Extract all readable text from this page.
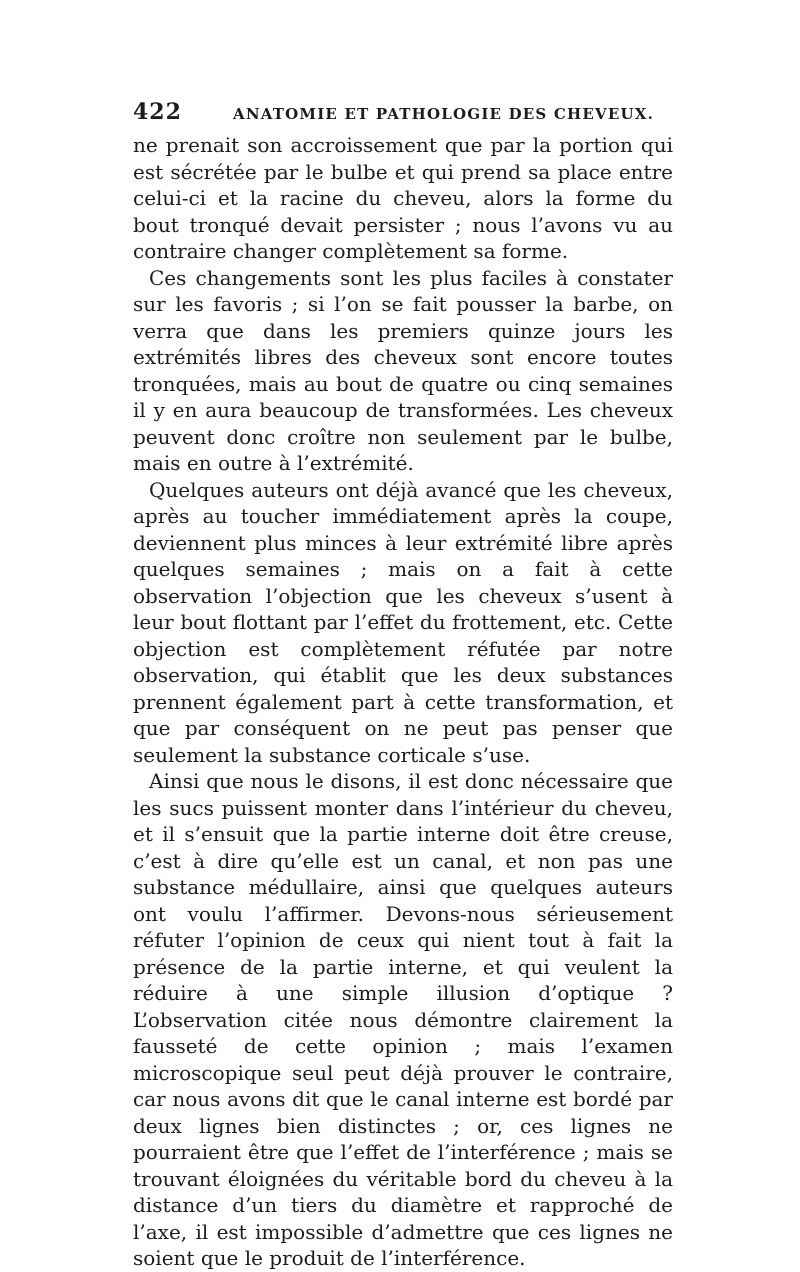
422	ANATOMIE ET PATHOLOGIE DES CHEVEUX.

ne prenait son accroissement que par la portion qui est sécrétée par le bulbe et qui prend sa place entre celui-ci et la racine du cheveu, alors la forme du bout tronqué devait persister ; nous l’avons vu au contraire changer complètement sa forme.

Ces changements sont les plus faciles à constater sur les favoris ; si l’on se fait pousser la barbe, on verra que dans les premiers quinze jours les extrémités libres des cheveux sont encore toutes tronquées, mais au bout de quatre ou cinq semaines il y en aura beaucoup de transformées. Les cheveux peuvent donc croître non seulement par le bulbe, mais en outre à l’extrémité.

Quelques auteurs ont déjà avancé que les cheveux, après au toucher immédiatement après la coupe, deviennent plus minces à leur extrémité libre après quelques semaines ; mais on a fait à cette observation l’objection que les cheveux s’usent à leur bout flottant par l’effet du frottement, etc. Cette objection est complètement réfutée par notre observation, qui établit que les deux substances prennent également part à cette transformation, et que par conséquent on ne peut pas penser que seulement la substance corticale s’use.

Ainsi que nous le disons, il est donc nécessaire que les sucs puissent monter dans l’intérieur du cheveu, et il s’ensuit que la partie interne doit être creuse, c’est à dire qu’elle est un canal, et non pas une substance médullaire, ainsi que quelques auteurs ont voulu l’affirmer. Devons-nous sérieusement réfuter l’opinion de ceux qui nient tout à fait la présence de la partie interne, et qui veulent la réduire à une simple illusion d’optique ? L’observation citée nous démontre clairement la fausseté de cette opinion ; mais l’examen microscopique seul peut déjà prouver le contraire, car nous avons dit que le canal interne est bordé par deux lignes bien distinctes ; or, ces lignes ne pourraient être que l’effet de l’interférence ; mais se trouvant éloignées du véritable bord du cheveu à la distance d’un tiers du diamètre et rapproché de l’axe, il est impossible d’admettre que ces lignes ne soient que le produit de l’interférence.
